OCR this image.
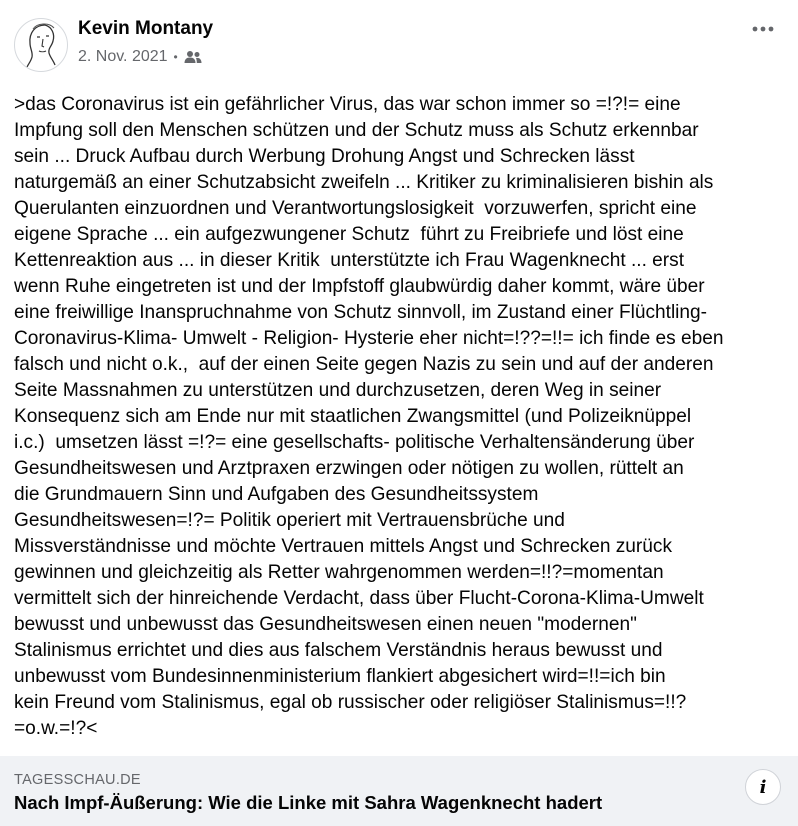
Kevin Montany
2. Nov. 2021 •

>das Coronavirus ist ein gefährlicher Virus, das war schon immer so =!?!= eine
Impfung soll den Menschen schützen und der Schutz muss als Schutz erkennbar
sein ... Druck Aufbau durch Werbung Drohung Angst und Schrecken lässt
naturgemäß an einer Schutzabsicht zweifeln ... Kritiker zu kriminalisieren bishin als
Querulanten einzuordnen und Verantwortungslosigkeit  vorzuwerfen, spricht eine
eigene Sprache ... ein aufgezwungener Schutz  führt zu Freibriefe und löst eine
Kettenreaktion aus ... in dieser Kritik  unterstützte ich Frau Wagenknecht ... erst
wenn Ruhe eingetreten ist und der Impfstoff glaubwürdig daher kommt, wäre über
eine freiwillige Inanspruchnahme von Schutz sinnvoll, im Zustand einer Flüchtling-
Coronavirus-Klima- Umwelt - Religion- Hysterie eher nicht=!??=!!= ich finde es eben
falsch und nicht o.k.,  auf der einen Seite gegen Nazis zu sein und auf der anderen
Seite Massnahmen zu unterstützen und durchzusetzen, deren Weg in seiner
Konsequenz sich am Ende nur mit staatlichen Zwangsmittel (und Polizeiknüppel
i.c.)  umsetzen lässt =!?= eine gesellschafts- politische Verhaltensänderung über
Gesundheitswesen und Arztpraxen erzwingen oder nötigen zu wollen, rüttelt an
die Grundmauern Sinn und Aufgaben des Gesundheitssystem
Gesundheitswesen=!?= Politik operiert mit Vertrauensbrüche und
Missverständnisse und möchte Vertrauen mittels Angst und Schrecken zurück
gewinnen und gleichzeitig als Retter wahrgenommen werden=!!?=momentan
vermittelt sich der hinreichende Verdacht, dass über Flucht-Corona-Klima-Umwelt
bewusst und unbewusst das Gesundheitswesen einen neuen "modernen"
Stalinismus errichtet und dies aus falschem Verständnis heraus bewusst und
unbewusst vom Bundesinnenministerium flankiert abgesichert wird=!!=ich bin
kein Freund vom Stalinismus, egal ob russischer oder religiöser Stalinismus=!!?
=o.w.=!?<

TAGESSCHAU.DE
Nach Impf-Äußerung: Wie die Linke mit Sahra Wagenknecht hadert
i
